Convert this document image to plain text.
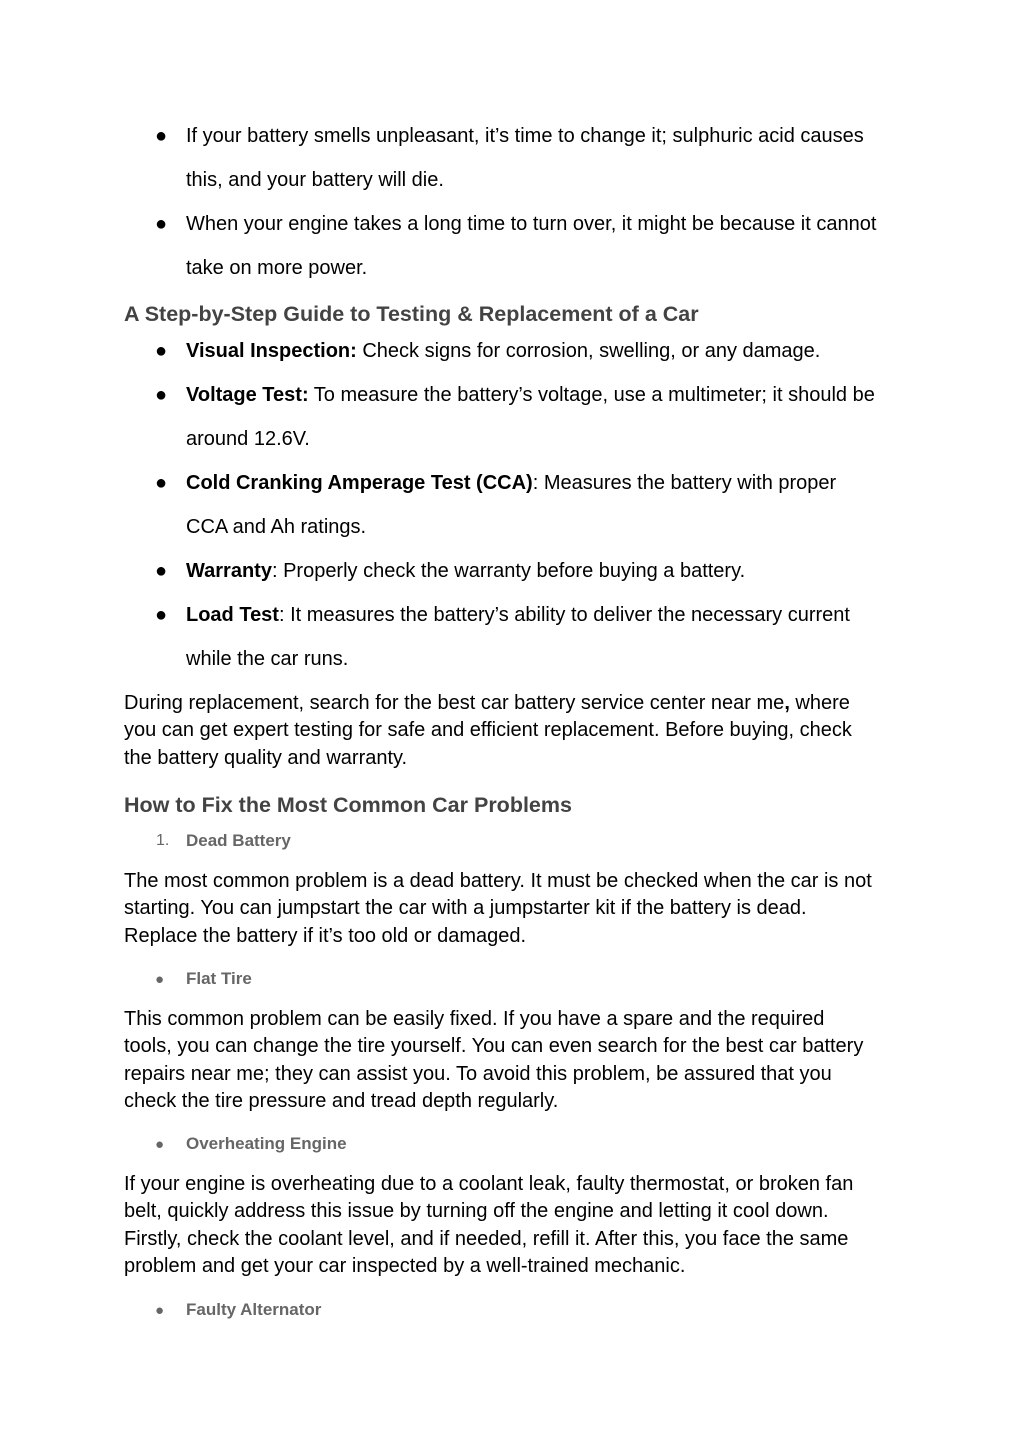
● If your battery smells unpleasant, it’s time to change it; sulphuric acid causes
this, and your battery will die.
● When your engine takes a long time to turn over, it might be because it cannot
take on more power.
A Step-by-Step Guide to Testing & Replacement of a Car
● Visual Inspection: Check signs for corrosion, swelling, or any damage.
● Voltage Test: To measure the battery’s voltage, use a multimeter; it should be
around 12.6V.
● Cold Cranking Amperage Test (CCA): Measures the battery with proper
CCA and Ah ratings.
● Warranty: Properly check the warranty before buying a battery.
● Load Test: It measures the battery’s ability to deliver the necessary current
while the car runs.
During replacement, search for the best car battery service center near me, where
you can get expert testing for safe and efficient replacement. Before buying, check
the battery quality and warranty.
How to Fix the Most Common Car Problems
1. Dead Battery
The most common problem is a dead battery. It must be checked when the car is not
starting. You can jumpstart the car with a jumpstarter kit if the battery is dead.
Replace the battery if it’s too old or damaged.
● Flat Tire
This common problem can be easily fixed. If you have a spare and the required
tools, you can change the tire yourself. You can even search for the best car battery
repairs near me; they can assist you. To avoid this problem, be assured that you
check the tire pressure and tread depth regularly.
● Overheating Engine
If your engine is overheating due to a coolant leak, faulty thermostat, or broken fan
belt, quickly address this issue by turning off the engine and letting it cool down.
Firstly, check the coolant level, and if needed, refill it. After this, you face the same
problem and get your car inspected by a well-trained mechanic.
● Faulty Alternator
